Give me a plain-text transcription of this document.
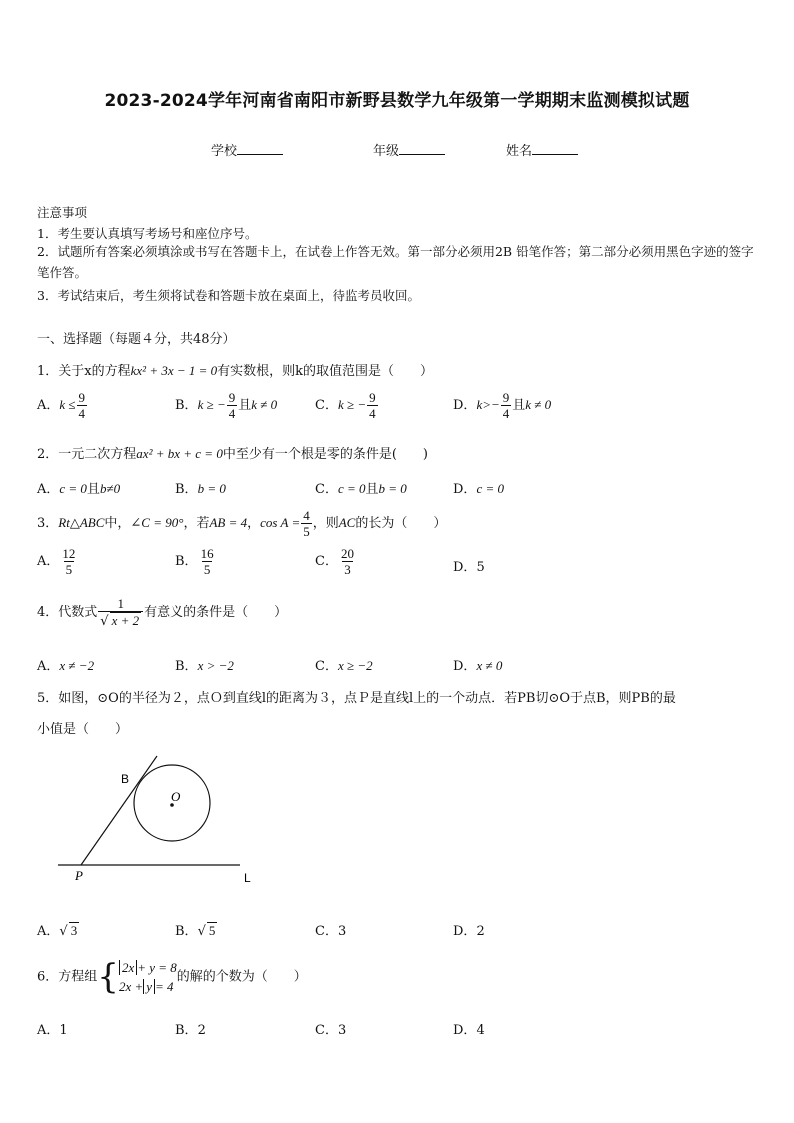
2023-2024学年河南省南阳市新野县数学九年级第一学期期末监测模拟试题
学校	年级	姓名
注意事项
1．考生要认真填写考场号和座位序号。
2．试题所有答案必须填涂或书写在答题卡上，在试卷上作答无效。第一部分必须用2B 铅笔作答；第二部分必须用黑色字迹的签字笔作答。
3．考试结束后，考生须将试卷和答题卡放在桌面上，待监考员收回。
一、选择题（每题４分，共48分）
1．关于x的方程kx² + 3x − 1 = 0有实数根，则k的取值范围是（　　）
A．$k \le \frac{9}{4}$	B．k ≥ − $\frac{9}{4}$ 且k ≠ 0	C．k ≥ − $\frac{9}{4}$	D．$k>- \frac{9}{4}$ 且k ≠ 0
2．一元二次方程ax² + bx + c = 0中至少有一个根是零的条件是(　　)
A．c = 0且b≠0	B．b = 0	C．c = 0且b = 0	D．c = 0
3．Rt△ABC中，∠C = 90°，若AB = 4，$\cos A = \frac{4}{5}$ ，则AC的长为（　　）
A． $\frac{12}{5}$	B． $\frac{16}{5}$	C． $\frac{20}{3}$	D．5
4．代数式 $\frac{1}{√ x + 2}$ 有意义的条件是（　　）
A．x ≠ −2	B．x > −2	C．x ≥ −2	D．x ≠ 0
5．如图，⊙O的半径为２，点Ｏ到直线l的距离为３，点Ｐ是直线l上的一个动点．若PB切⊙O于点B，则PB的最
小值是（　　）
B
O
P	L
A．√ 3	B．√ 5	C．3	D．2
6．方程组{ 2x + y = 8
2x + y = 4
的解的个数为（　　）
A．1	B．2	C．3	D．4
